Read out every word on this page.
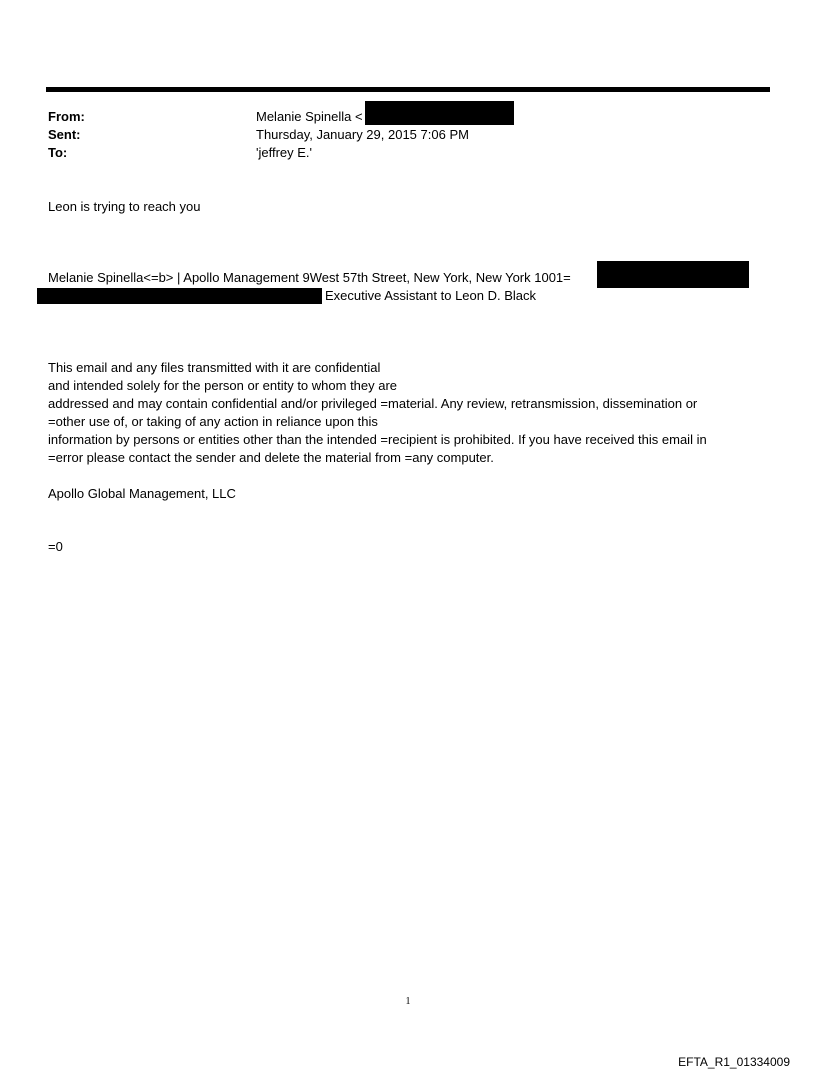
From:	Melanie Spinella <
Sent:	Thursday, January 29, 2015 7:06 PM
To:	'jeffrey E.'
Leon is trying to reach you
Melanie Spinella<=b> | Apollo Management 9West 57th Street, New York, New York 1001=
Executive Assistant to Leon D. Black
This email and any files transmitted with it are confidential
and intended solely for the person or entity to whom they are
addressed and may contain confidential and/or privileged =material. Any review, retransmission, dissemination or
=other use of, or taking of any action in reliance upon this
information by persons or entities other than the intended =recipient is prohibited. If you have received this email in
=error please contact the sender and delete the material from =any computer.
Apollo Global Management, LLC
=0
1
EFTA_R1_01334009
